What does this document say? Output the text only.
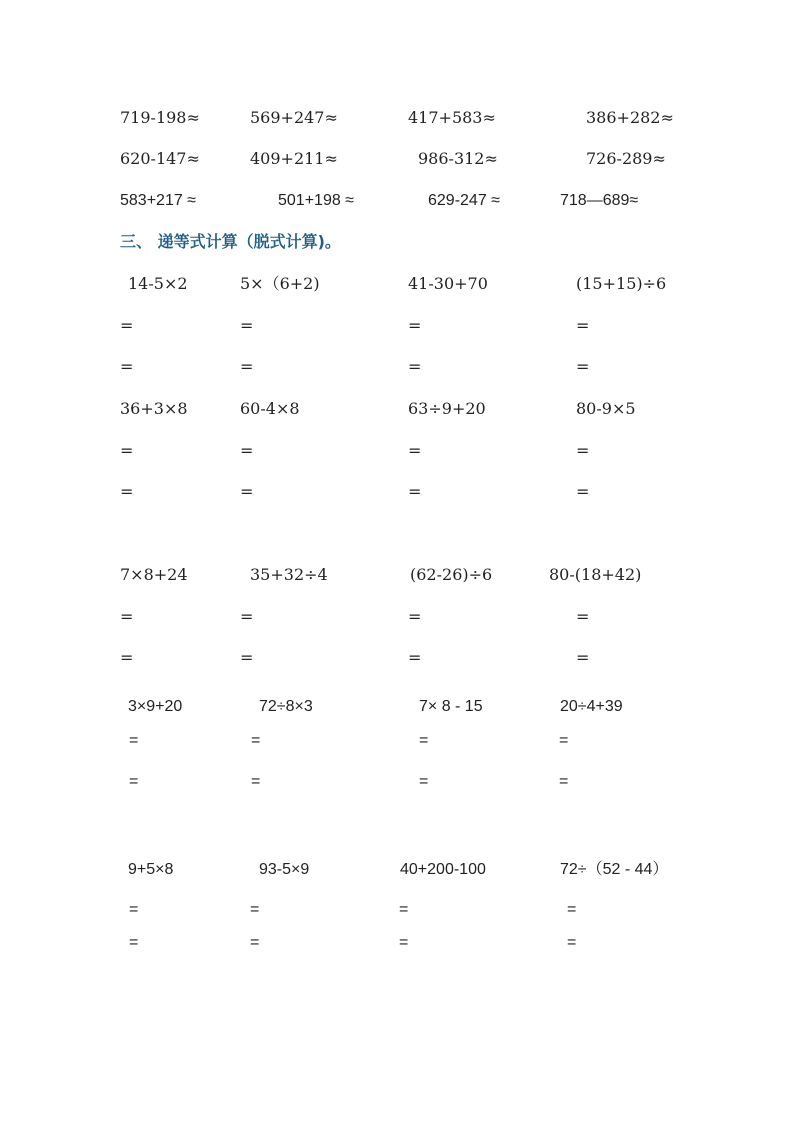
719-198≈	569+247≈	417+583≈	386+282≈
620-147≈	409+211≈	986-312≈	726-289≈
583+217 ≈	501+198 ≈	629-247 ≈	718—689≈
三、 递等式计算（脱式计算)。
14-5×2	5×（6+2)	41-30+70	(15+15)÷6
=	=	=	=
=	=	=	=
36+3×8	60-4×8	63÷9+20	80-9×5
=	=	=	=
=	=	=	=
7×8+24	35+32÷4	(62-26)÷6	80-(18+42)
=	=	=	=
=	=	=	=
3×9+20	72÷8×3	7× 8 - 15	20÷4+39
=	=	=	=
=	=	=	=
9+5×8	93-5×9	40+200-100	72÷（52 - 44）
=	=	=	=
=	=	=	=
